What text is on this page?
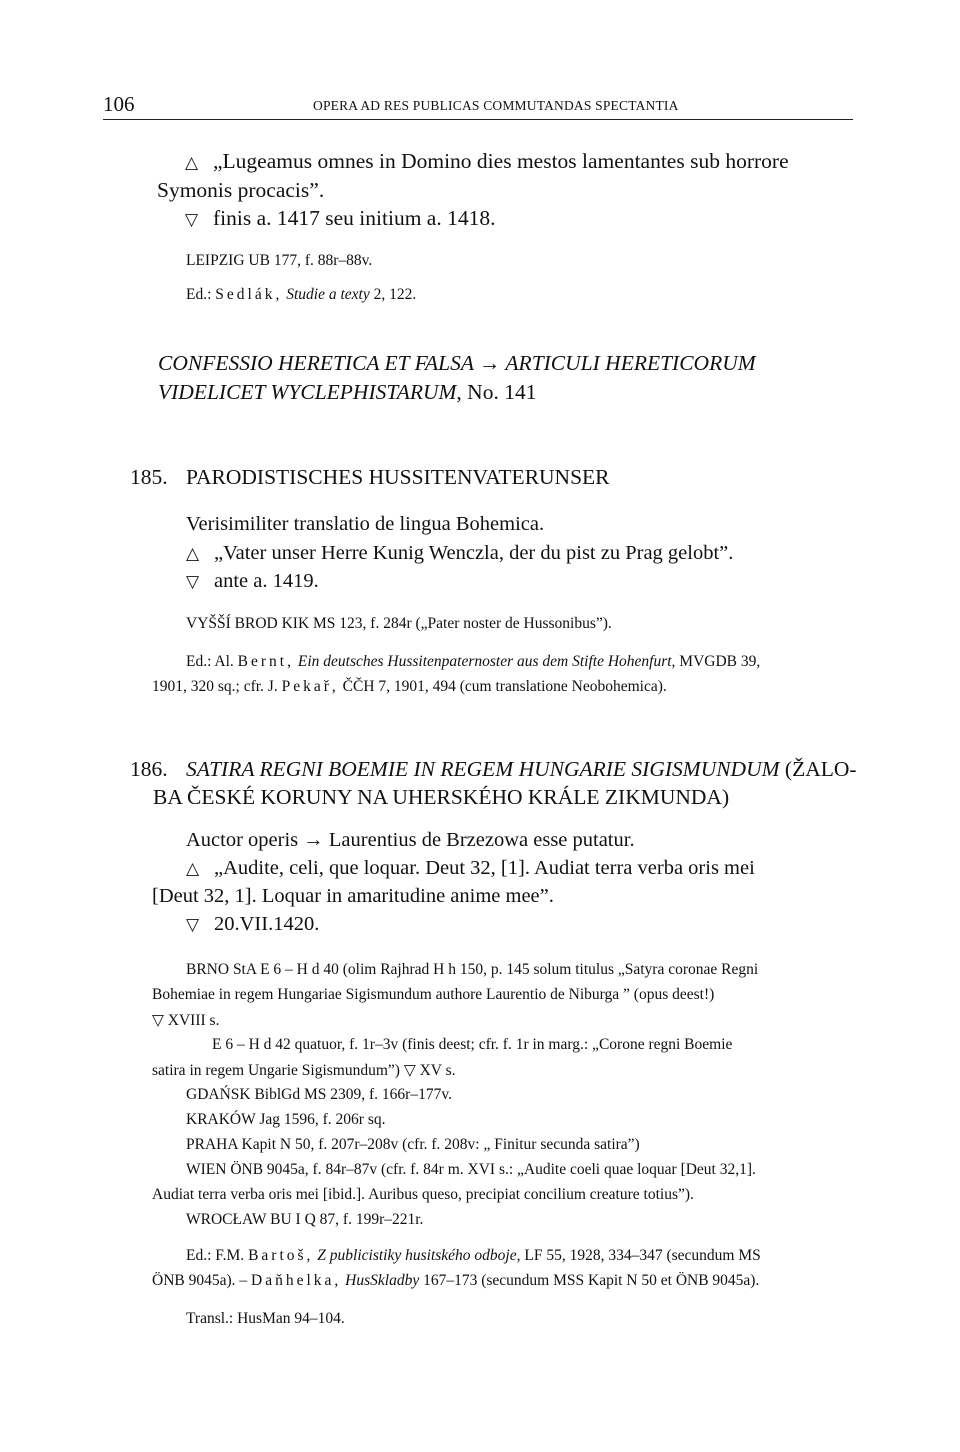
106	OPERA AD RES PUBLICAS COMMUTANDAS SPECTANTIA
△ „Lugeamus omnes in Domino dies mestos lamentantes sub horrore
Symonis procacis”.
▽ finis a. 1417 seu initium a. 1418.
LEIPZIG UB 177, f. 88r–88v.
Ed.: Sedlák, Studie a texty 2, 122.
CONFESSIO HERETICA ET FALSA → ARTICULI HERETICORUM
VIDELICET WYCLEPHISTARUM, No. 141
185. PARODISTISCHES HUSSITENVATERUNSER
Verisimiliter translatio de lingua Bohemica.
△ „Vater unser Herre Kunig Wenczla, der du pist zu Prag gelobt”.
▽ ante a. 1419.
VYŠŠÍ BROD KIK MS 123, f. 284r („Pater noster de Hussonibus”).
Ed.: Al. Bernt, Ein deutsches Hussitenpaternoster aus dem Stifte Hohenfurt, MVGDB 39,
1901, 320 sq.; cfr. J. Pekař, ČČH 7, 1901, 494 (cum translatione Neobohemica).
186. SATIRA REGNI BOEMIE IN REGEM HUNGARIE SIGISMUNDUM (ŽALO-
BA ČESKÉ KORUNY NA UHERSKÉHO KRÁLE ZIKMUNDA)
Auctor operis → Laurentius de Brzezowa esse putatur.
△ „Audite, celi, que loquar. Deut 32, [1]. Audiat terra verba oris mei
[Deut 32, 1]. Loquar in amaritudine anime mee”.
▽ 20.VII.1420.
BRNO StA E 6 – H d 40 (olim Rajhrad H h 150, p. 145 solum titulus „Satyra coronae Regni
Bohemiae in regem Hungariae Sigismundum authore Laurentio de Niburga ” (opus deest!)
▽ XVIII s.
E 6 – H d 42 quatuor, f. 1r–3v (finis deest; cfr. f. 1r in marg.: „Corone regni Boemie
satira in regem Ungarie Sigismundum”) ▽ XV s.
GDAŃSK BiblGd MS 2309, f. 166r–177v.
KRAKÓW Jag 1596, f. 206r sq.
PRAHA Kapit N 50, f. 207r–208v (cfr. f. 208v: „ Finitur secunda satira”)
WIEN ÖNB 9045a, f. 84r–87v (cfr. f. 84r m. XVI s.: „Audite coeli quae loquar [Deut 32,1].
Audiat terra verba oris mei [ibid.]. Auribus queso, precipiat concilium creature totius”).
WROCŁAW BU I Q 87, f. 199r–221r.
Ed.: F.M. Bartoš, Z publicistiky husitského odboje, LF 55, 1928, 334–347 (secundum MS
ÖNB 9045a). – Daňhelka, HusSkladby 167–173 (secundum MSS Kapit N 50 et ÖNB 9045a).
Transl.: HusMan 94–104.
